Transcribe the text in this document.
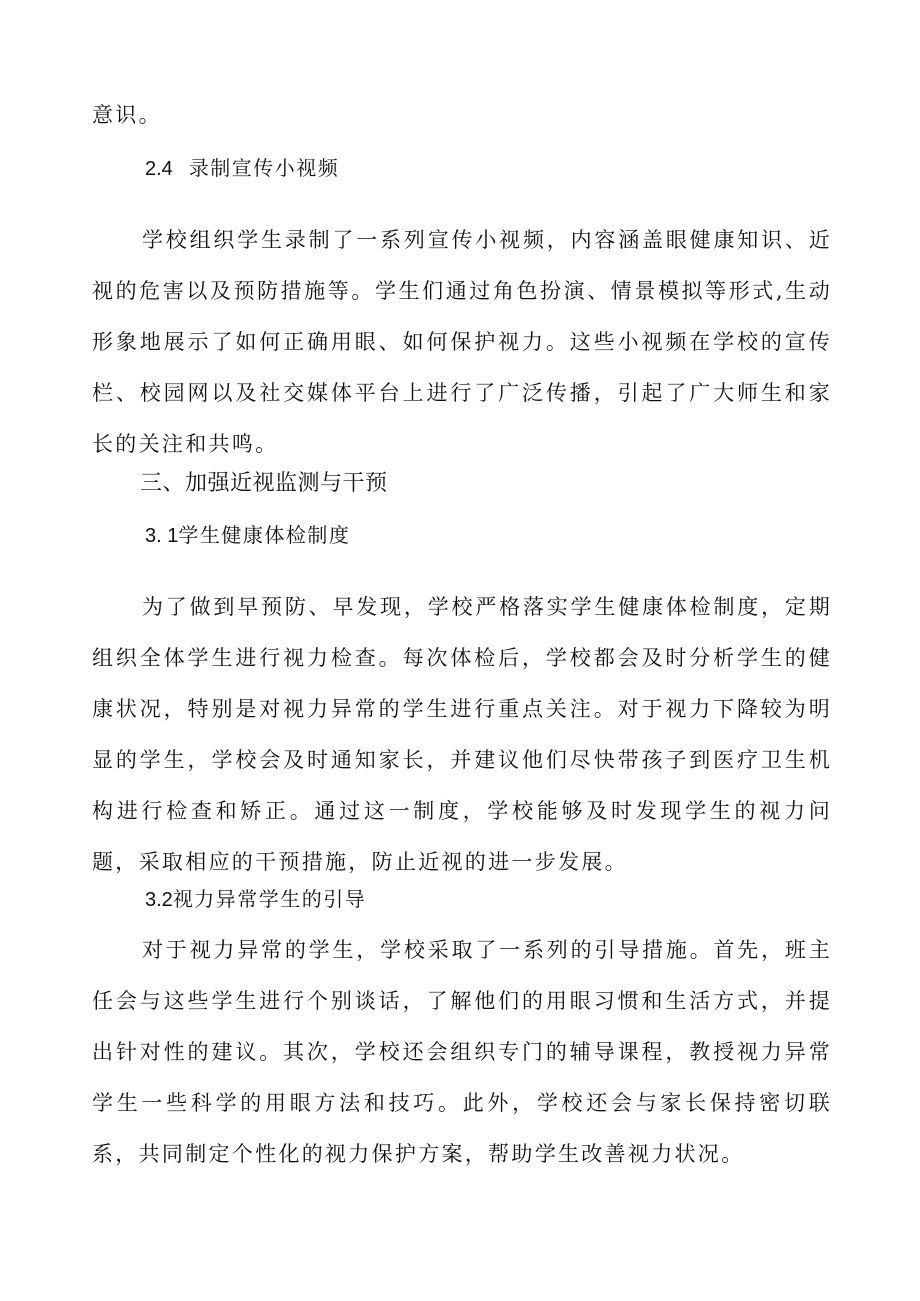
意识。

2.4 录制宣传小视频

学校组织学生录制了一系列宣传小视频，内容涵盖眼健康知识、近视的危害以及预防措施等。学生们通过角色扮演、情景模拟等形式,生动形象地展示了如何正确用眼、如何保护视力。这些小视频在学校的宣传栏、校园网以及社交媒体平台上进行了广泛传播，引起了广大师生和家长的关注和共鸣。

三、加强近视监测与干预
3. 1学生健康体检制度

为了做到早预防、早发现，学校严格落实学生健康体检制度，定期组织全体学生进行视力检查。每次体检后，学校都会及时分析学生的健康状况，特别是对视力异常的学生进行重点关注。对于视力下降较为明显的学生，学校会及时通知家长，并建议他们尽快带孩子到医疗卫生机构进行检查和矫正。通过这一制度，学校能够及时发现学生的视力问题，采取相应的干预措施，防止近视的进一步发展。

3.2视力异常学生的引导

对于视力异常的学生，学校采取了一系列的引导措施。首先，班主任会与这些学生进行个别谈话，了解他们的用眼习惯和生活方式，并提出针对性的建议。其次，学校还会组织专门的辅导课程，教授视力异常学生一些科学的用眼方法和技巧。此外，学校还会与家长保持密切联系，共同制定个性化的视力保护方案，帮助学生改善视力状况。
